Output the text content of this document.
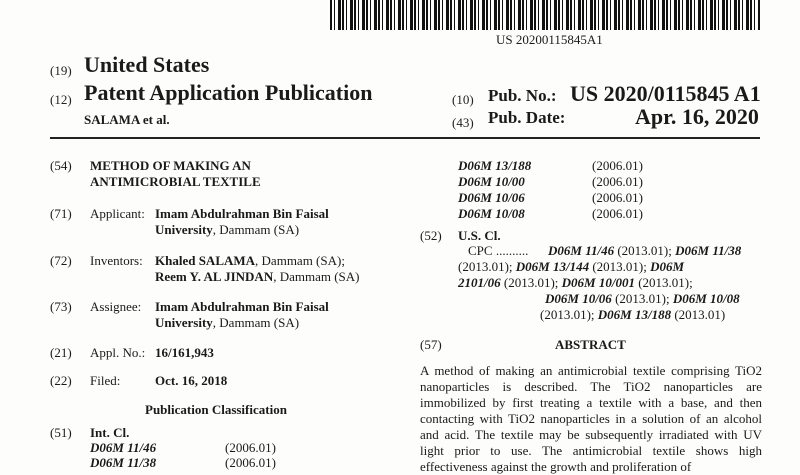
US 20200115845A1
(19) United States
(12) Patent Application Publication
SALAMA et al.
(10) Pub. No.: US 2020/0115845 A1
(43) Pub. Date:	Apr. 16, 2020
(54) METHOD OF MAKING AN
ANTIMICROBIAL TEXTILE
(71) Applicant: Imam Abdulrahman Bin Faisal
University, Dammam (SA)
(72) Inventors: Khaled SALAMA, Dammam (SA);
Reem Y. AL JINDAN, Dammam (SA)
(73) Assignee: Imam Abdulrahman Bin Faisal
University, Dammam (SA)
(21) Appl. No.: 16/161,943
(22) Filed:	Oct. 16, 2018
Publication Classification
(51) Int. Cl.
D06M 11/46	(2006.01)
D06M 11/38	(2006.01)
D06M 13/188	(2006.01)
D06M 10/00	(2006.01)
D06M 10/06	(2006.01)
D06M 10/08	(2006.01)
(52) U.S. Cl.
CPC .......... D06M 11/46 (2013.01); D06M 11/38
(2013.01); D06M 13/144 (2013.01); D06M
2101/06 (2013.01); D06M 10/001 (2013.01);
D06M 10/06 (2013.01); D06M 10/08
(2013.01); D06M 13/188 (2013.01)
(57)	ABSTRACT
A method of making an antimicrobial textile comprising TiO2 nanoparticles is described. The TiO2 nanoparticles are immobilized by first treating a textile with a base, and then contacting with TiO2 nanoparticles in a solution of an alcohol and acid. The textile may be subsequently irradiated with UV light prior to use. The antimicrobial textile shows high effectiveness against the growth and proliferation of
